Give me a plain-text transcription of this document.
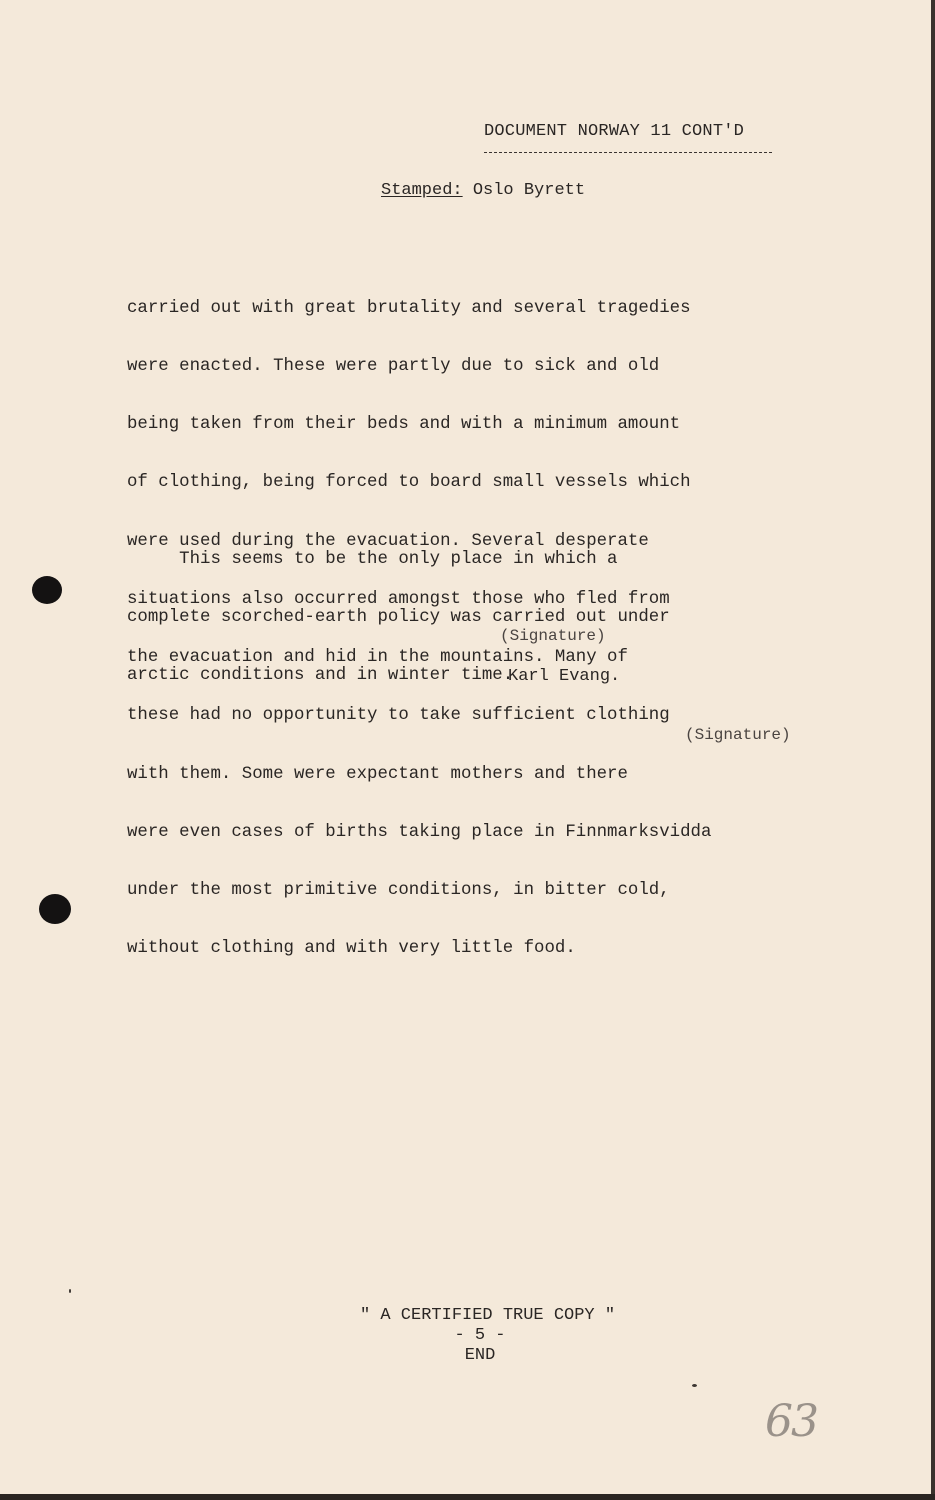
DOCUMENT NORWAY 11 CONT'D
Stamped: Oslo Byrett

carried out with great brutality and several tragedies

were enacted. These were partly due to sick and old

being taken from their beds and with a minimum amount

of clothing, being forced to board small vessels which

were used during the evacuation. Several desperate

situations also occurred amongst those who fled from

the evacuation and hid in the mountains. Many of

these had no opportunity to take sufficient clothing

with them. Some were expectant mothers and there

were even cases of births taking place in Finnmarksvidda

under the most primitive conditions, in bitter cold,

without clothing and with very little food.

This seems to be the only place in which a

complete scorched-earth policy was carried out under

arctic conditions and in winter time.

(Signature)
Karl Evang.
(Signature)
" A CERTIFIED TRUE COPY "
- 5 -
END
63
